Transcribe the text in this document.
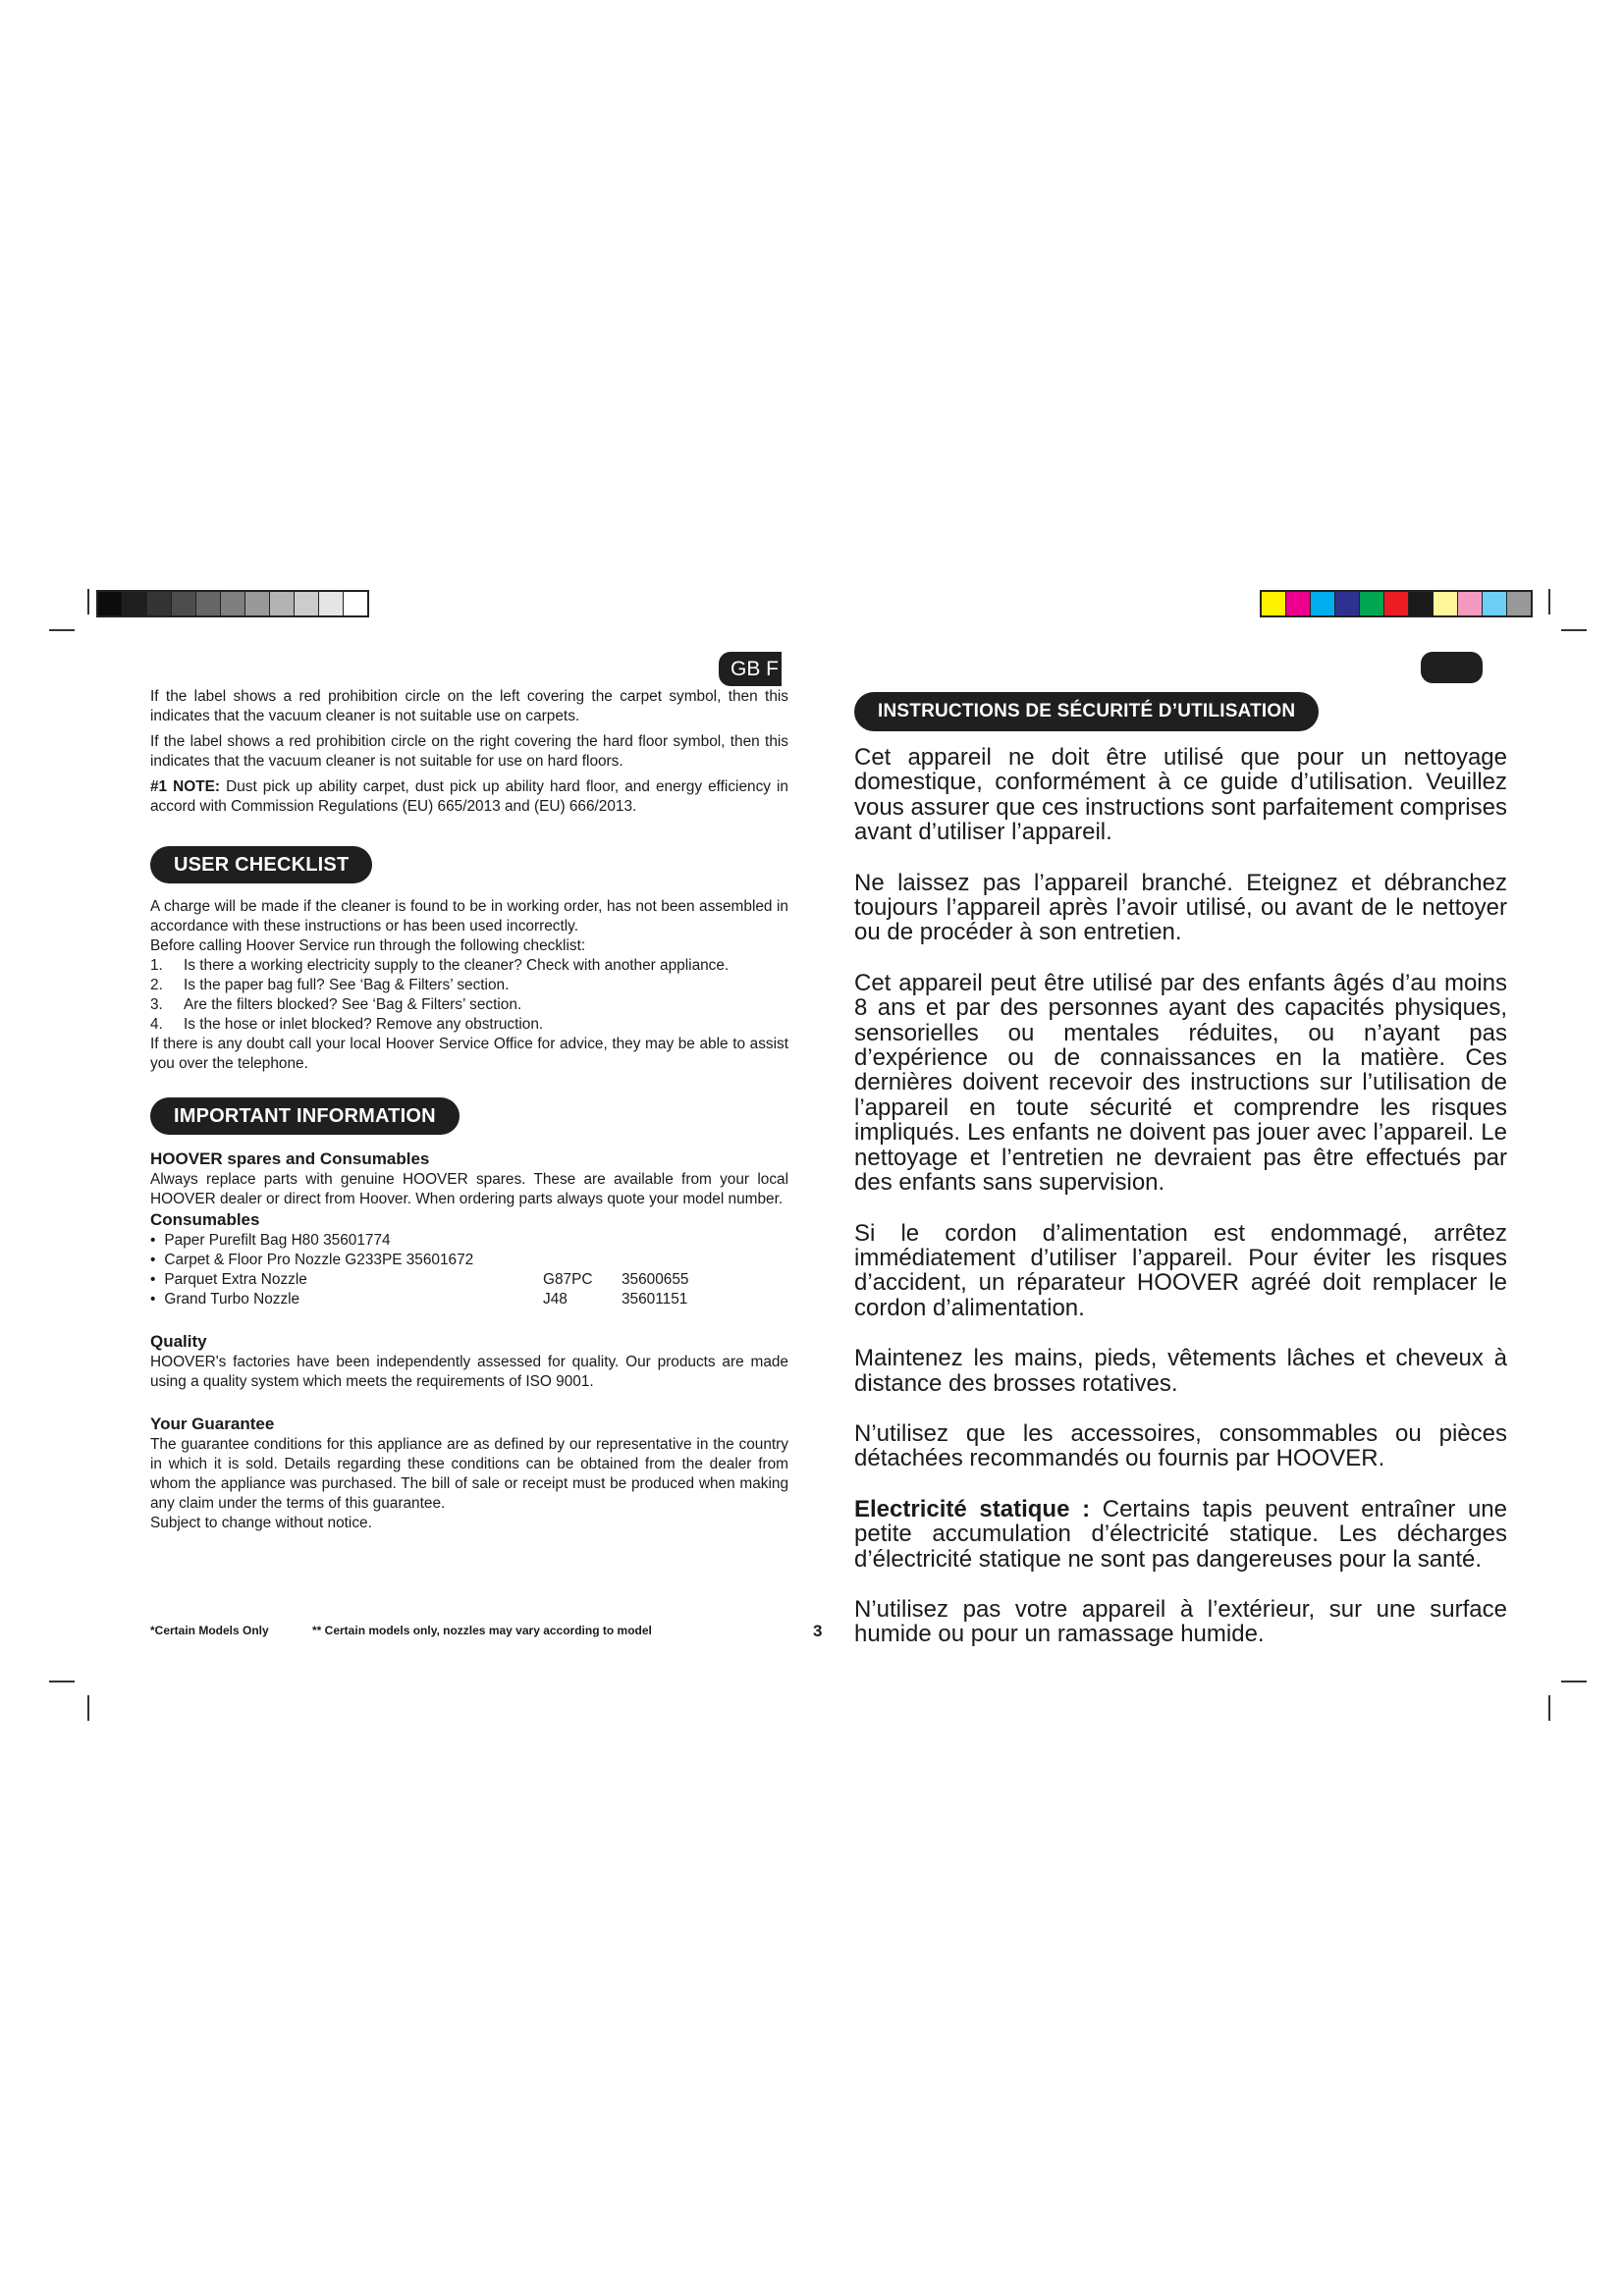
GB F

If the label shows a red prohibition circle on the left covering the carpet symbol, then this indicates that the vacuum cleaner is not suitable use on carpets.

If the label shows a red prohibition circle on the right covering the hard floor symbol, then this indicates that the vacuum cleaner is not suitable for use on hard floors.

#1 NOTE: Dust pick up ability carpet, dust pick up ability hard floor, and energy efficiency in accord with Commission Regulations (EU) 665/2013 and (EU) 666/2013.

USER CHECKLIST

A charge will be made if the cleaner is found to be in working order, has not been assembled in accordance with these instructions or has been used incorrectly.

Before calling Hoover Service run through the following checklist:

1.	Is there a working electricity supply to the cleaner? Check with another appliance.
2.	Is the paper bag full? See ‘Bag & Filters’ section.
3.	Are the filters blocked? See ‘Bag & Filters’ section.
4.	Is the hose or inlet blocked? Remove any obstruction.

If there is any doubt call your local Hoover Service Office for advice, they may be able to assist you over the telephone.

IMPORTANT INFORMATION

HOOVER spares and Consumables

Always replace parts with genuine HOOVER spares. These are available from your local HOOVER dealer or direct from Hoover. When ordering parts always quote your model number.

Consumables

• Paper Purefilt Bag H80 35601774
• Carpet & Floor Pro Nozzle G233PE 35601672
• Parquet Extra Nozzle	G87PC	35600655
• Grand Turbo Nozzle	J48	35601151

Quality

HOOVER's factories have been independently assessed for quality. Our products are made using a quality system which meets the requirements of ISO 9001.

Your Guarantee

The guarantee conditions for this appliance are as defined by our representative in the country in which it is sold. Details regarding these conditions can be obtained from the dealer from whom the appliance was purchased. The bill of sale or receipt must be produced when making any claim under the terms of this guarantee.

Subject to change without notice.

*Certain Models Only	** Certain models only, nozzles may vary according to model	3
INSTRUCTIONS DE SÉCURITÉ D’UTILISATION

Cet appareil ne doit être utilisé que pour un nettoyage domestique, conformément à ce guide d’utilisation. Veuillez vous assurer que ces instructions sont parfaitement comprises avant d’utiliser l’appareil.

Ne laissez pas l’appareil branché. Eteignez et débranchez toujours l’appareil après l’avoir utilisé, ou avant de le nettoyer ou de procéder à son entretien.

Cet appareil peut être utilisé par des enfants âgés d’au moins 8 ans et par des personnes ayant des capacités physiques, sensorielles ou mentales réduites, ou n’ayant pas d’expérience ou de connaissances en la matière. Ces dernières doivent recevoir des instructions sur l’utilisation de l’appareil en toute sécurité et comprendre les risques impliqués. Les enfants ne doivent pas jouer avec l’appareil. Le nettoyage et l’entretien ne devraient pas être effectués par des enfants sans supervision.

Si le cordon d’alimentation est endommagé, arrêtez immédiatement d’utiliser l’appareil. Pour éviter les risques d’accident, un réparateur HOOVER agréé doit remplacer le cordon d’alimentation.

Maintenez les mains, pieds, vêtements lâches et cheveux à distance des brosses rotatives.

N’utilisez que les accessoires, consommables ou pièces détachées recommandés ou fournis par HOOVER.

Electricité statique : Certains tapis peuvent entraîner une petite accumulation d’électricité statique. Les décharges d’électricité statique ne sont pas dangereuses pour la santé.

N’utilisez pas votre appareil à l’extérieur, sur une surface humide ou pour un ramassage humide.
